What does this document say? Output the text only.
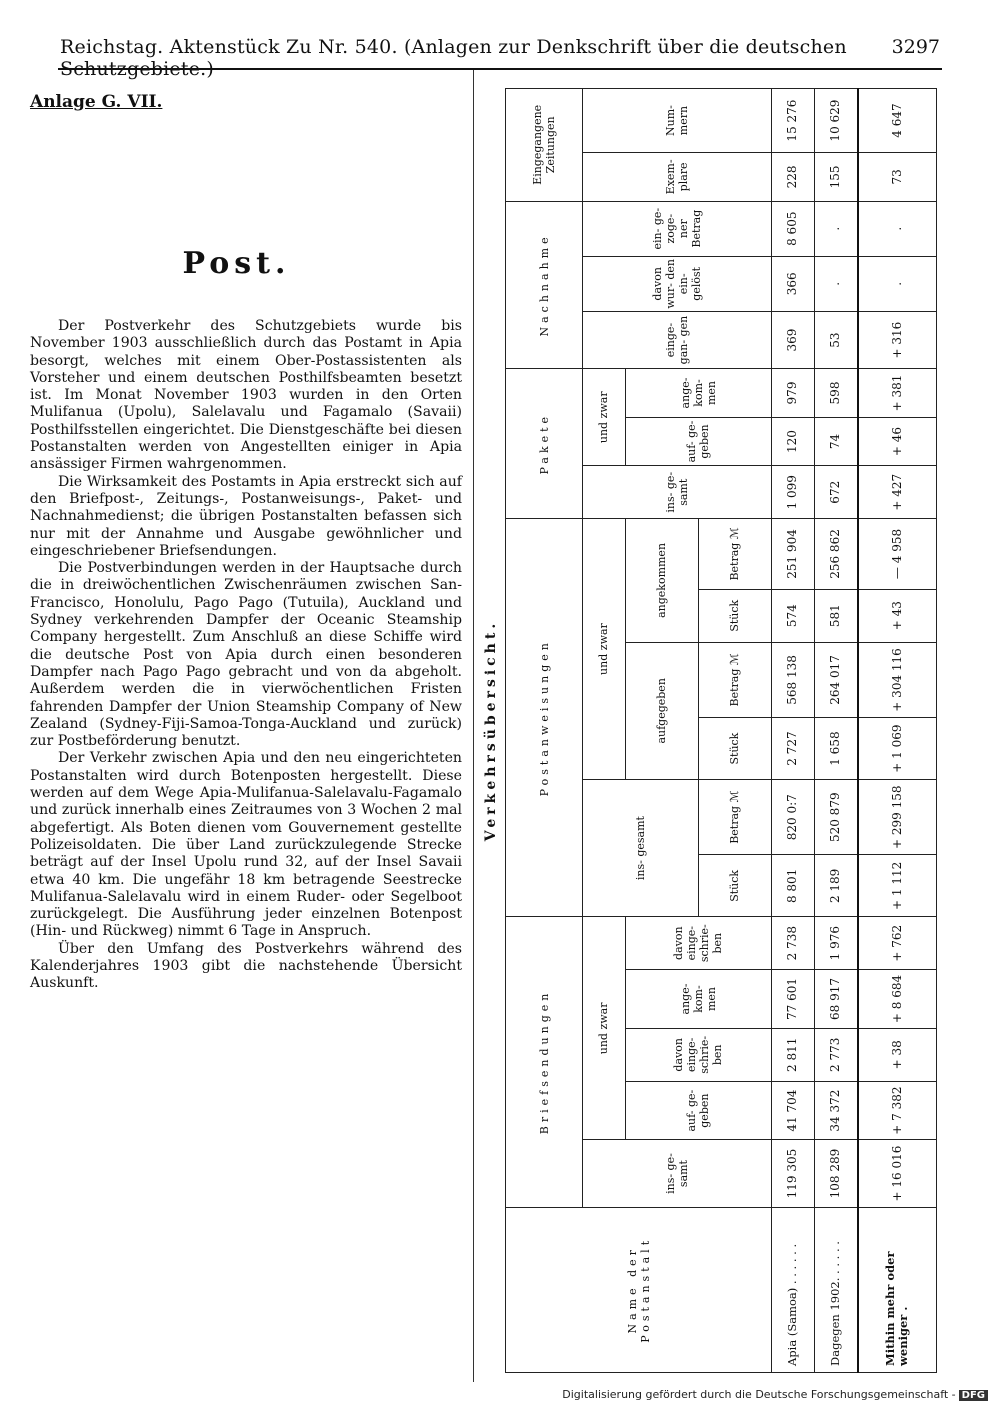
Reichstag. Aktenstück Zu Nr. 540. (Anlagen zur Denkschrift über die deutschen Schutzgebiete.)
3297
Anlage G. VII.
Post.

Der Postverkehr des Schutzgebiets wurde bis November 1903 ausschließlich durch das Postamt in Apia besorgt, welches mit einem Ober-Postassistenten als Vorsteher und einem deutschen Posthilfsbeamten besetzt ist. Im Monat November 1903 wurden in den Orten Mulifanua (Upolu), Salelavalu und Fagamalo (Savaii) Posthilfsstellen eingerichtet. Die Dienstgeschäfte bei diesen Postanstalten werden von Angestellten einiger in Apia ansässiger Firmen wahrgenommen.

Die Wirksamkeit des Postamts in Apia erstreckt sich auf den Briefpost-, Zeitungs-, Postanweisungs-, Paket- und Nachnahmedienst; die übrigen Postanstalten befassen sich nur mit der Annahme und Ausgabe gewöhnlicher und eingeschriebener Briefsendungen.

Die Postverbindungen werden in der Hauptsache durch die in dreiwöchentlichen Zwischenräumen zwischen San-Francisco, Honolulu, Pago Pago (Tutuila), Auckland und Sydney verkehrenden Dampfer der Oceanic Steamship Company hergestellt. Zum Anschluß an diese Schiffe wird die deutsche Post von Apia durch einen besonderen Dampfer nach Pago Pago gebracht und von da abgeholt. Außerdem werden die in vierwöchentlichen Fristen fahrenden Dampfer der Union Steamship Company of New Zealand (Sydney-Fiji-Samoa-Tonga-Auckland und zurück) zur Postbeförderung benutzt.

Der Verkehr zwischen Apia und den neu eingerichteten Postanstalten wird durch Botenposten hergestellt. Diese werden auf dem Wege Apia-Mulifanua-Salelavalu-Fagamalo und zurück innerhalb eines Zeitraumes von 3 Wochen 2 mal abgefertigt. Als Boten dienen vom Gouvernement gestellte Polizeisoldaten. Die über Land zurückzulegende Strecke beträgt auf der Insel Upolu rund 32, auf der Insel Savaii etwa 40 km. Die ungefähr 18 km betragende Seestrecke Mulifanua-Salelavalu wird in einem Ruder- oder Segelboot zurückgelegt. Die Ausführung jeder einzelnen Botenpost (Hin- und Rückweg) nimmt 6 Tage in Anspruch.

Über den Umfang des Postverkehrs während des Kalenderjahres 1903 gibt die nachstehende Übersicht Auskunft.

Verkehrsübersicht.
Name der Postanstalt	Briefsendungen					Postanweisungen						Pakete			Nachnahme			Eingegangene Zeitungen	
	ins- ge- samt	und zwar				ins- gesamt		und zwar				ins- ge- samt	und zwar		einge- gan- gen	davon wur- den ein- gelöst	ein- ge- zoge- ner Betrag	Exem- plare	Num- mern
		auf- ge- geben	davon einge- schrie- ben	ange- kom- men	davon einge- schrie- ben			aufgegeben		angekommen			auf- ge- geben	ange- kom- men					
						Stück	Betrag ℳ	Stück	Betrag ℳ	Stück	Betrag ℳ								
Apia (Samoa) . . . . . .	119 305	41 704	2 811	77 601	2 738	8 801	820 0:7	2 727	568 138	574	251 904	1 099	120	979	369	366	8 605	228	15 276
Dagegen 1902. . . . . .	108 289	34 372	2 773	68 917	1 976	2 189	520 879	1 658	264 017	581	256 862	672	74	598	53	.	.	155	10 629
Mithin mehr oder weniger .	+ 16 016	+ 7 382	+ 38	+ 8 684	+ 762	+ 1 112	+ 299 158	+ 1 069	+ 304 116	+ 43	— 4 958	+ 427	+ 46	+ 381	+ 316	.	.	73	4 647
Digitalisierung gefördert durch die Deutsche Forschungsgemeinschaft - DFG
